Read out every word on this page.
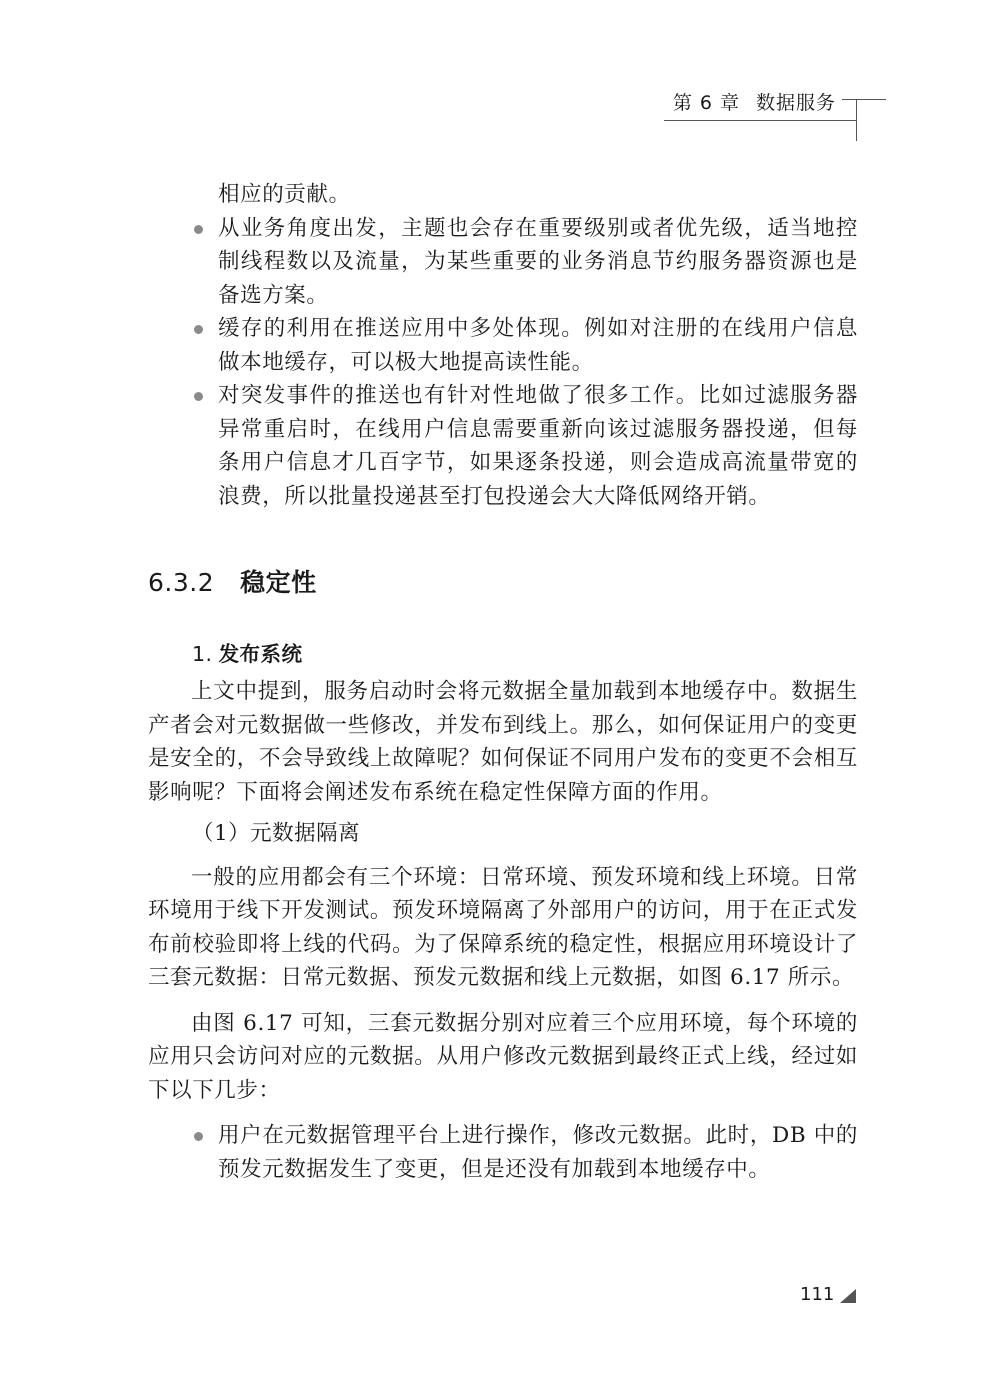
第 6 章 数据服务

相应的贡献。

从业务角度出发，主题也会存在重要级别或者优先级，适当地控制线程数以及流量，为某些重要的业务消息节约服务器资源也是备选方案。
缓存的利用在推送应用中多处体现。例如对注册的在线用户信息做本地缓存，可以极大地提高读性能。
对突发事件的推送也有针对性地做了很多工作。比如过滤服务器异常重启时，在线用户信息需要重新向该过滤服务器投递，但每条用户信息才几百字节，如果逐条投递，则会造成高流量带宽的浪费，所以批量投递甚至打包投递会大大降低网络开销。
6.3.2 稳定性
1. 发布系统

上文中提到，服务启动时会将元数据全量加载到本地缓存中。数据生产者会对元数据做一些修改，并发布到线上。那么，如何保证用户的变更是安全的，不会导致线上故障呢？如何保证不同用户发布的变更不会相互影响呢？下面将会阐述发布系统在稳定性保障方面的作用。

（1）元数据隔离

一般的应用都会有三个环境：日常环境、预发环境和线上环境。日常环境用于线下开发测试。预发环境隔离了外部用户的访问，用于在正式发布前校验即将上线的代码。为了保障系统的稳定性，根据应用环境设计了三套元数据：日常元数据、预发元数据和线上元数据，如图 6.17 所示。

由图 6.17 可知，三套元数据分别对应着三个应用环境，每个环境的应用只会访问对应的元数据。从用户修改元数据到最终正式上线，经过如下以下几步：

用户在元数据管理平台上进行操作，修改元数据。此时，DB 中的预发元数据发生了变更，但是还没有加载到本地缓存中。
111
